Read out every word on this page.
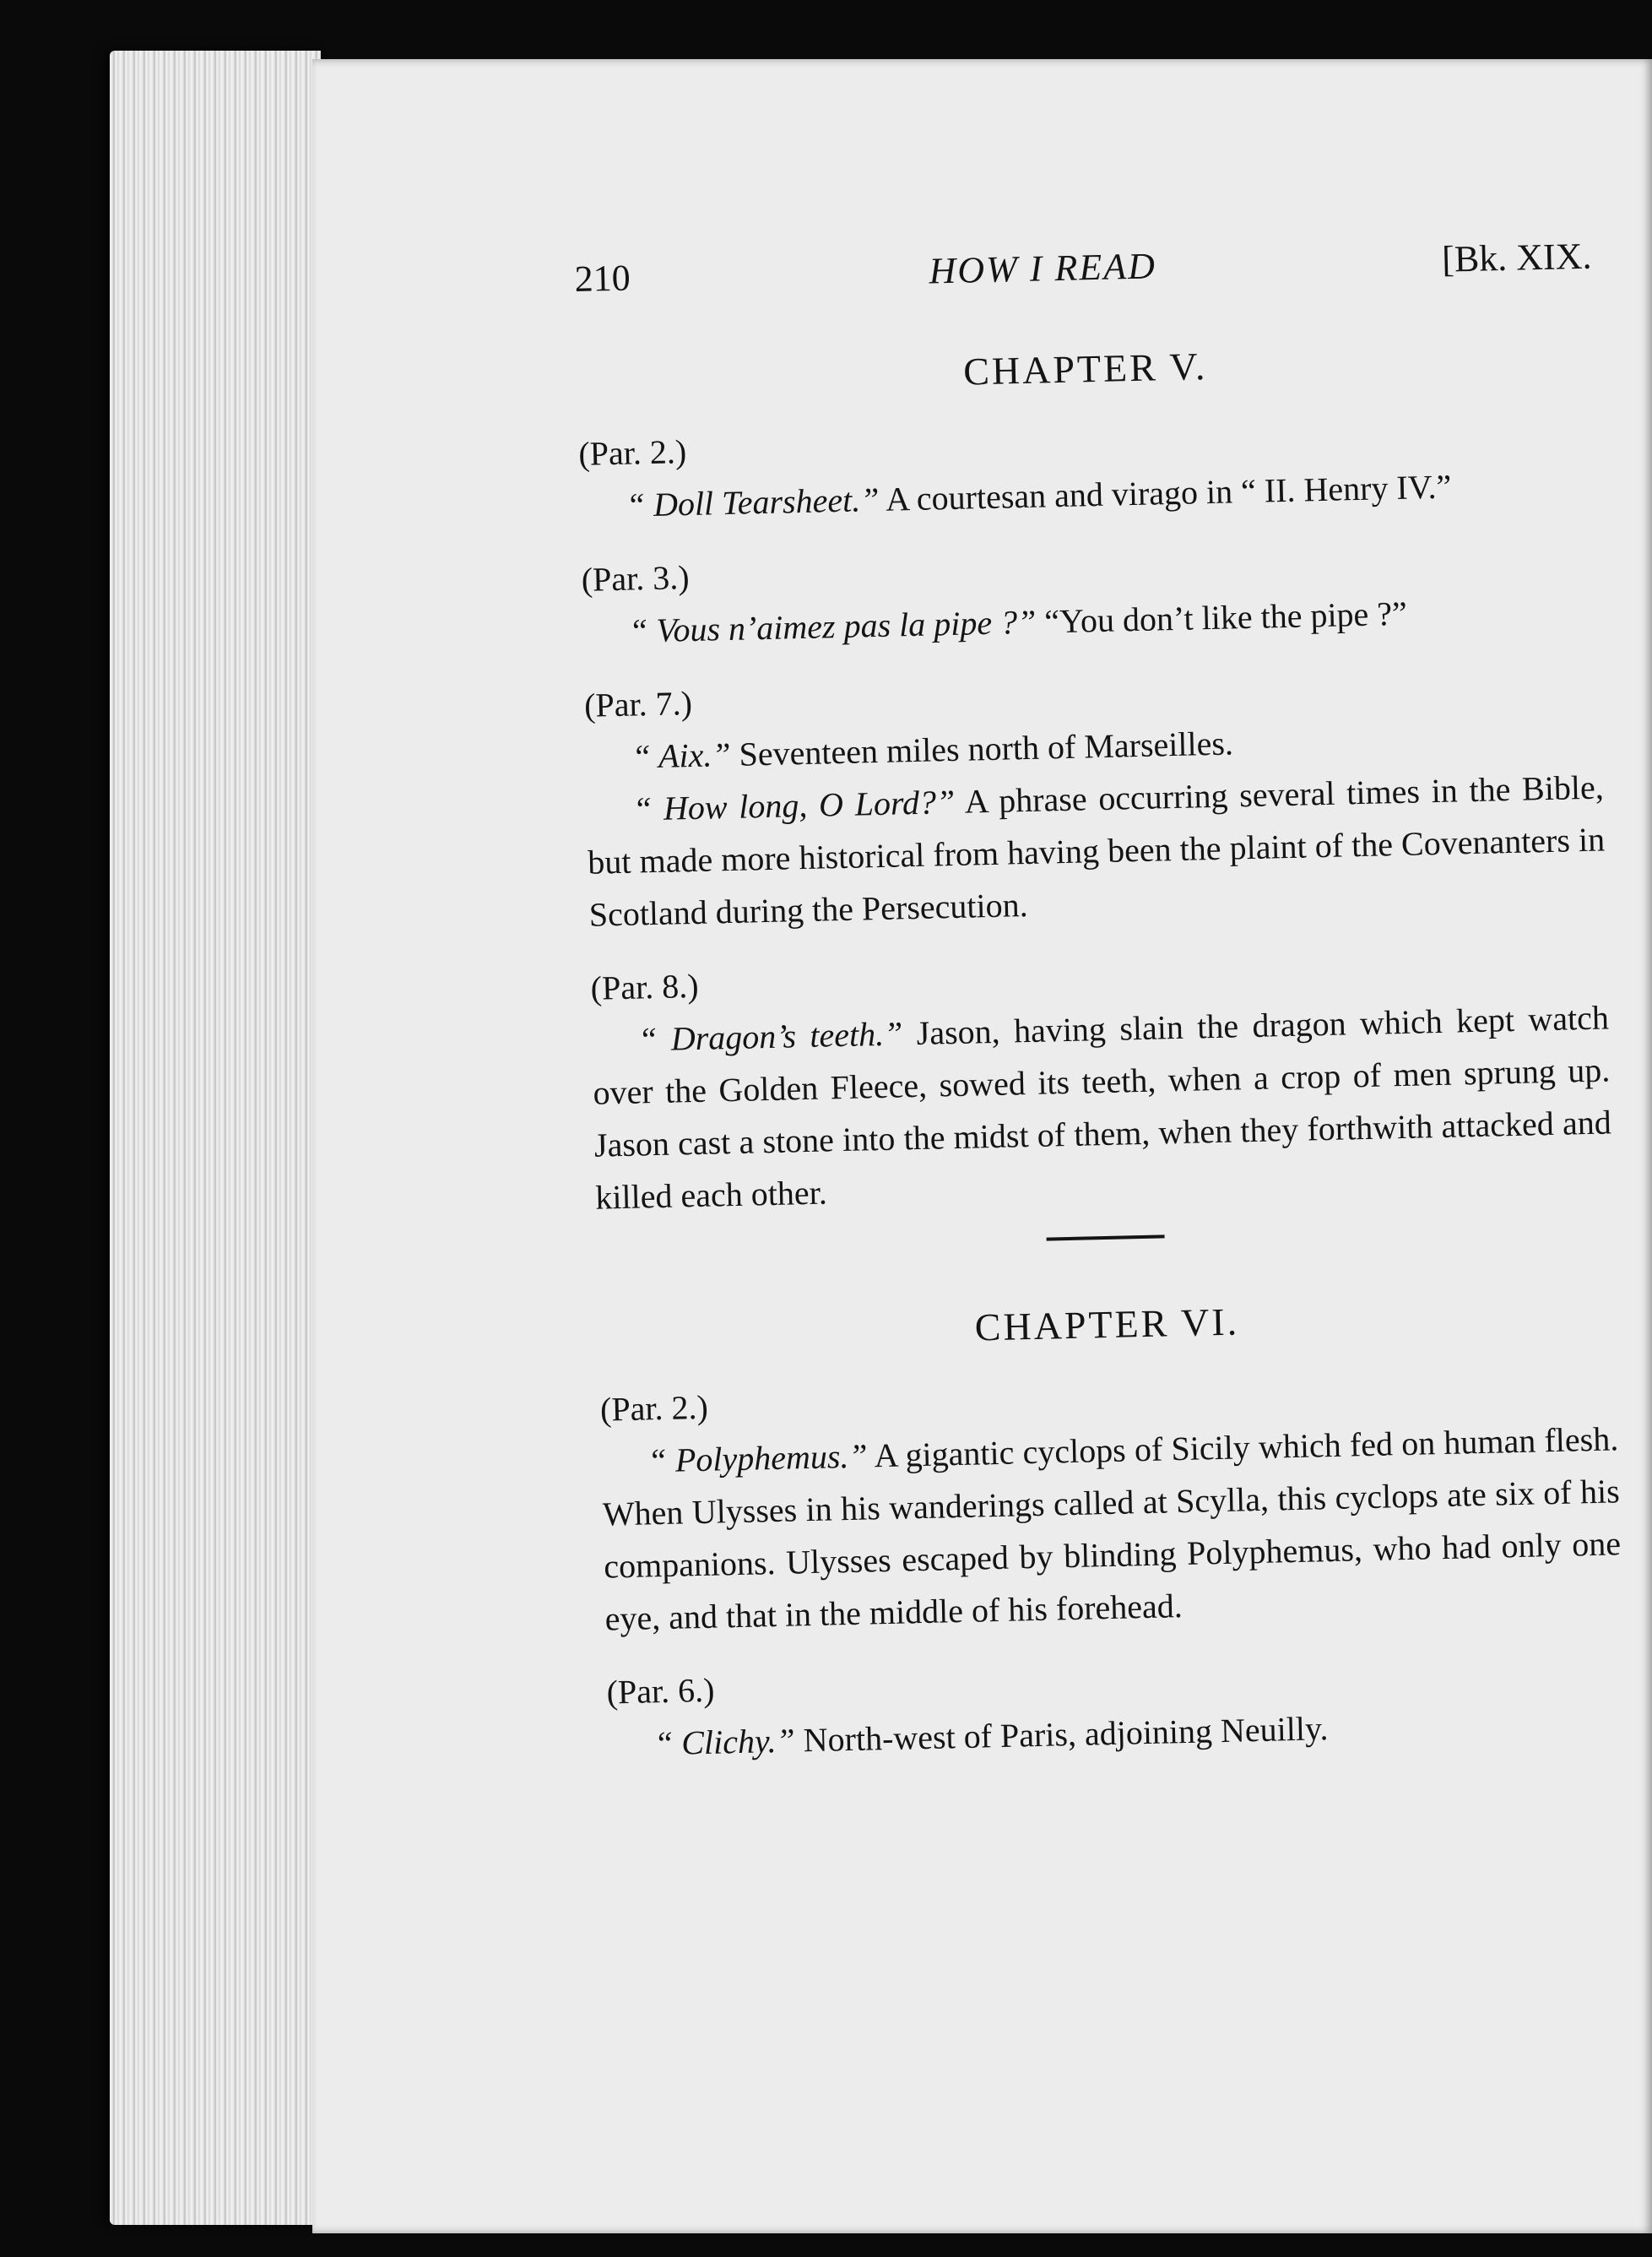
210	HOW I READ	[Bk. XIX.
CHAPTER V.
(Par. 2.)
“ Doll Tearsheet.” A courtesan and virago in “ II. Henry IV.”
(Par. 3.)
“ Vous n’aimez pas la pipe ?” “You don’t like the pipe ?”
(Par. 7.)
“ Aix.” Seventeen miles north of Marseilles.
“ How long, O Lord?” A phrase occurring several times in the Bible, but made more historical from having been the plaint of the Covenanters in Scotland during the Persecution.
(Par. 8.)
“ Dragon’s teeth.” Jason, having slain the dragon which kept watch over the Golden Fleece, sowed its teeth, when a crop of men sprung up. Jason cast a stone into the midst of them, when they forthwith attacked and killed each other.
CHAPTER VI.
(Par. 2.)
“ Polyphemus.” A gigantic cyclops of Sicily which fed on human flesh. When Ulysses in his wanderings called at Scylla, this cyclops ate six of his companions. Ulysses escaped by blinding Polyphemus, who had only one eye, and that in the middle of his forehead.
(Par. 6.)
“ Clichy.” North-west of Paris, adjoining Neuilly.
